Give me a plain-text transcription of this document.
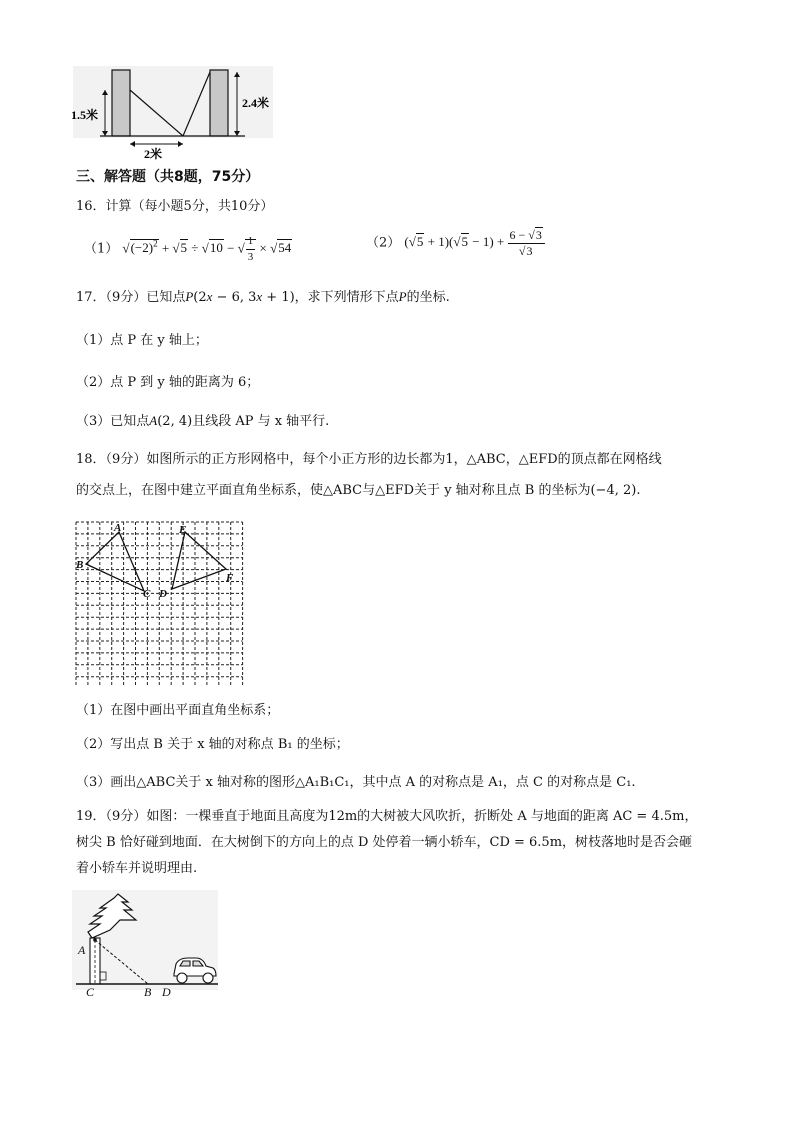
1.5米
2.4米
2米
三、解答题（共8题，75分）
16．计算（每小题5分，共10分）
（1） $√(-2)^2 + √5 \div √10$ − √ $\frac{1}{3} \times √54$	（2） $(√5 + 1)(√5 - 1) + \frac{6 - √3}{√3}$
17．（9分）已知点P(2x − 6, 3x + 1)，求下列情形下点P的坐标.
（1）点 P 在 y 轴上；
（2）点 P 到 y 轴的距离为 6；
（3）已知点A(2, 4)且线段 AP 与 x 轴平行.
18．（9分）如图所示的正方形网格中，每个小正方形的边长都为1，△ABC，△EFD的顶点都在网格线
的交点上，在图中建立平面直角坐标系，使△ABC与△EFD关于 y 轴对称且点 B 的坐标为(−4, 2).
A
B
C D
E
F
（1）在图中画出平面直角坐标系；
（2）写出点 B 关于 x 轴的对称点 B₁ 的坐标；
（3）画出△ABC关于 x 轴对称的图形△A₁B₁C₁，其中点 A 的对称点是 A₁，点 C 的对称点是 C₁.
19．（9分）如图：一棵垂直于地面且高度为12m的大树被大风吹折，折断处 A 与地面的距离 AC = 4.5m，
树尖 B 恰好碰到地面．在大树倒下的方向上的点 D 处停着一辆小轿车，CD = 6.5m，树枝落地时是否会砸
着小轿车并说明理由.
A
C	B D
